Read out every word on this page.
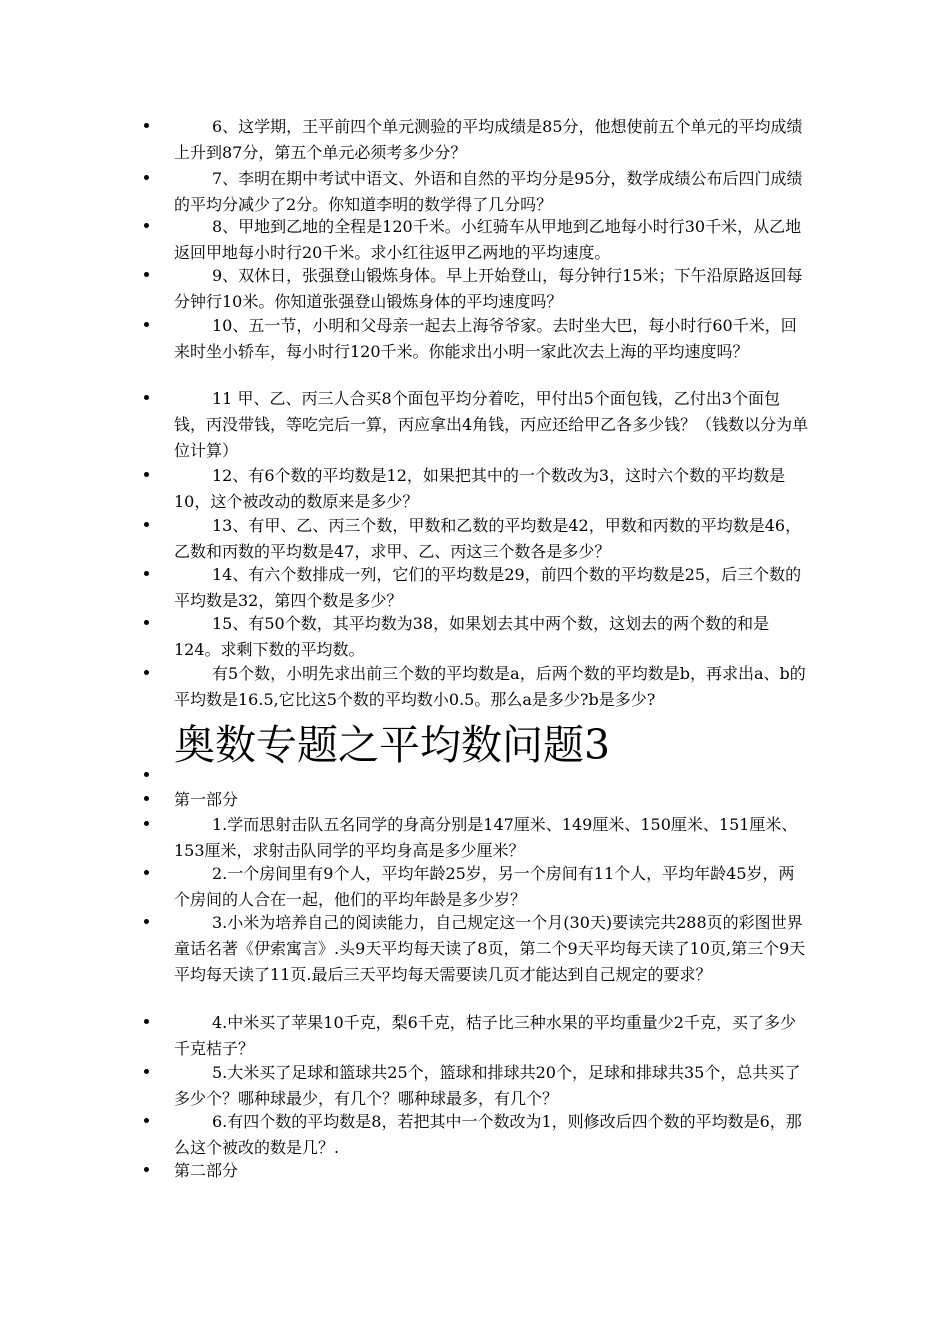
6、这学期，王平前四个单元测验的平均成绩是85分，他想使前五个单元的平均成绩上升到87分，第五个单元必须考多少分？
7、李明在期中考试中语文、外语和自然的平均分是95分，数学成绩公布后四门成绩的平均分减少了2分。你知道李明的数学得了几分吗？
8、甲地到乙地的全程是120千米。小红骑车从甲地到乙地每小时行30千米，从乙地返回甲地每小时行20千米。求小红往返甲乙两地的平均速度。
9、双休日，张强登山锻炼身体。早上开始登山，每分钟行15米；下午沿原路返回每分钟行10米。你知道张强登山锻炼身体的平均速度吗？
10、五一节，小明和父母亲一起去上海爷爷家。去时坐大巴，每小时行60千米，回来时坐小轿车，每小时行120千米。你能求出小明一家此次去上海的平均速度吗？
11 甲、乙、丙三人合买8个面包平均分着吃，甲付出5个面包钱，乙付出3个面包钱，丙没带钱，等吃完后一算，丙应拿出4角钱，丙应还给甲乙各多少钱？（钱数以分为单位计算）
12、有6个数的平均数是12，如果把其中的一个数改为3，这时六个数的平均数是10，这个被改动的数原来是多少？
13、有甲、乙、丙三个数，甲数和乙数的平均数是42，甲数和丙数的平均数是46，乙数和丙数的平均数是47，求甲、乙、丙这三个数各是多少？
14、有六个数排成一列，它们的平均数是29，前四个数的平均数是25，后三个数的平均数是32，第四个数是多少？
15、有50个数，其平均数为38，如果划去其中两个数，这划去的两个数的和是124。求剩下数的平均数。
有5个数，小明先求出前三个数的平均数是a，后两个数的平均数是b，再求出a、b的平均数是16.5,它比这5个数的平均数小0.5。那么a是多少?b是多少?
奥数专题之平均数问题3
第一部分
1.学而思射击队五名同学的身高分别是147厘米、149厘米、150厘米、151厘米、153厘米，求射击队同学的平均身高是多少厘米？
2.一个房间里有9个人，平均年龄25岁，另一个房间有11个人，平均年龄45岁，两个房间的人合在一起，他们的平均年龄是多少岁？
3.小米为培养自己的阅读能力，自己规定这一个月(30天)要读完共288页的彩图世界童话名著《伊索寓言》.头9天平均每天读了8页，第二个9天平均每天读了10页,第三个9天平均每天读了11页.最后三天平均每天需要读几页才能达到自己规定的要求？
4.中米买了苹果10千克，梨6千克，桔子比三种水果的平均重量少2千克，买了多少千克桔子？
5.大米买了足球和篮球共25个，篮球和排球共20个，足球和排球共35个，总共买了多少个？哪种球最少，有几个？哪种球最多，有几个？
6.有四个数的平均数是8，若把其中一个数改为1，则修改后四个数的平均数是6，那么这个被改的数是几？.
第二部分
